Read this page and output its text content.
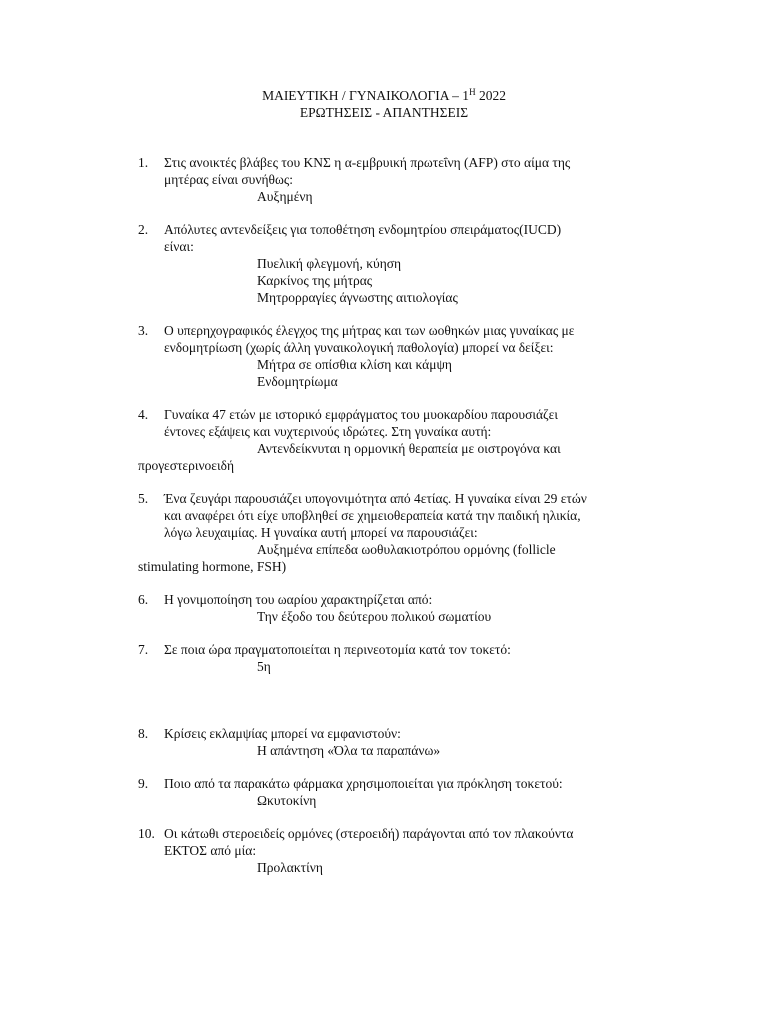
ΜΑΙΕΥΤΙΚΗ / ΓΥΝΑΙΚΟΛΟΓΙΑ – $1^H$ 2022
ΕΡΩΤΗΣΕΙΣ - ΑΠΑΝΤΗΣΕΙΣ
1. Στις ανοικτές βλάβες του ΚΝΣ η α-εμβρυική πρωτεΐνη (AFP) στο αίμα της
μητέρας είναι συνήθως:
Αυξημένη
2. Απόλυτες αντενδείξεις για τοποθέτηση ενδομητρίου σπειράματος(IUCD)
είναι:
Πυελική φλεγμονή, κύηση
Καρκίνος της μήτρας
Μητρορραγίες άγνωστης αιτιολογίας
3. Ο υπερηχογραφικός έλεγχος της μήτρας και των ωοθηκών μιας γυναίκας με
ενδομητρίωση (χωρίς άλλη γυναικολογική παθολογία) μπορεί να δείξει:
Μήτρα σε οπίσθια κλίση και κάμψη
Ενδομητρίωμα
4. Γυναίκα 47 ετών με ιστορικό εμφράγματος του μυοκαρδίου παρουσιάζει
έντονες εξάψεις και νυχτερινούς ιδρώτες. Στη γυναίκα αυτή:
Αντενδείκνυται η ορμονική θεραπεία με οιστρογόνα και
προγεστερινοειδή
5. Ένα ζευγάρι παρουσιάζει υπογονιμότητα από 4ετίας. Η γυναίκα είναι 29 ετών
και αναφέρει ότι είχε υποβληθεί σε χημειοθεραπεία κατά την παιδική ηλικία,
λόγω λευχαιμίας. Η γυναίκα αυτή μπορεί να παρουσιάζει:
Αυξημένα επίπεδα ωοθυλακιοτρόπου ορμόνης (follicle
stimulating hormone, FSH)
6. Η γονιμοποίηση του ωαρίου χαρακτηρίζεται από:
Την έξοδο του δεύτερου πολικού σωματίου
7. Σε ποια ώρα πραγματοποιείται η περινεοτομία κατά τον τοκετό:
5η
8. Κρίσεις εκλαμψίας μπορεί να εμφανιστούν:
Η απάντηση «Όλα τα παραπάνω»
9. Ποιο από τα παρακάτω φάρμακα χρησιμοποιείται για πρόκληση τοκετού:
Ωκυτοκίνη
10. Οι κάτωθι στεροειδείς ορμόνες (στεροειδή) παράγονται από τον πλακούντα
ΕΚΤΟΣ από μία:
Προλακτίνη
